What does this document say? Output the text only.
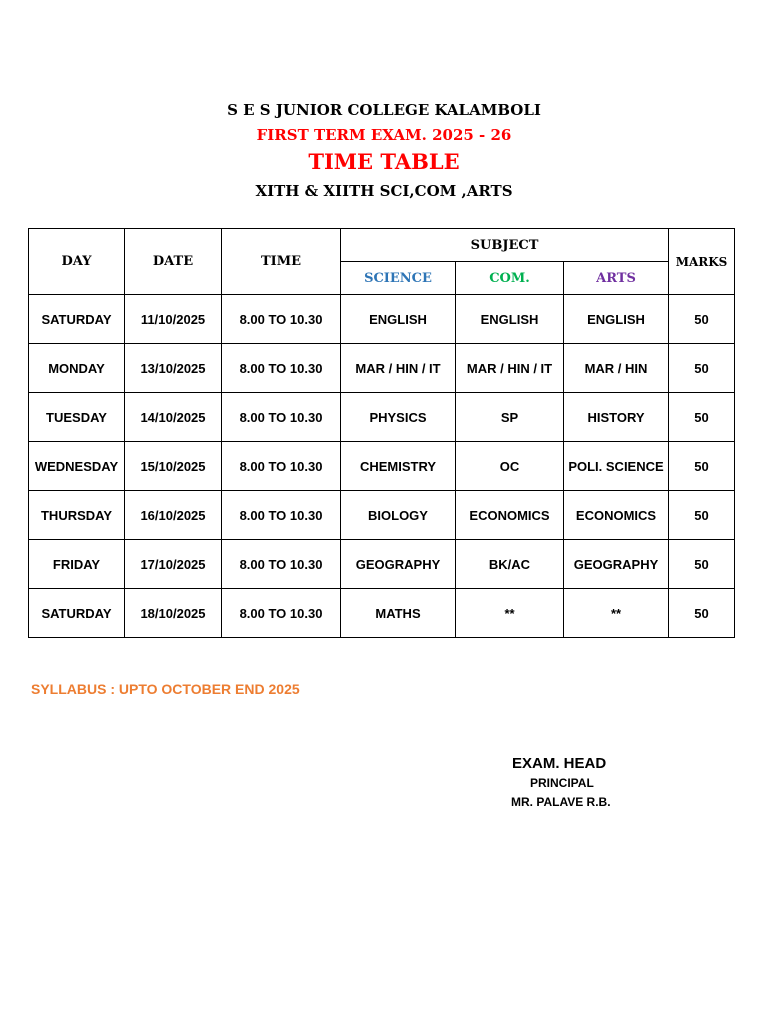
S E S JUNIOR COLLEGE KALAMBOLI
FIRST TERM EXAM. 2025 - 26
TIME TABLE
XITH & XIITH SCI,COM ,ARTS
DAY	DATE	TIME	SUBJECT			MARKS
			SCIENCE	COM.	ARTS	
SATURDAY	11/10/2025	8.00 TO 10.30	ENGLISH	ENGLISH	ENGLISH	50
MONDAY	13/10/2025	8.00 TO 10.30	MAR / HIN / IT	MAR / HIN / IT	MAR / HIN	50
TUESDAY	14/10/2025	8.00 TO 10.30	PHYSICS	SP	HISTORY	50
WEDNESDAY	15/10/2025	8.00 TO 10.30	CHEMISTRY	OC	POLI. SCIENCE	50
THURSDAY	16/10/2025	8.00 TO 10.30	BIOLOGY	ECONOMICS	ECONOMICS	50
FRIDAY	17/10/2025	8.00 TO 10.30	GEOGRAPHY	BK/AC	GEOGRAPHY	50
SATURDAY	18/10/2025	8.00 TO 10.30	MATHS	**	**	50
SYLLABUS : UPTO OCTOBER END 2025
EXAM. HEAD
PRINCIPAL
MR. PALAVE R.B.
